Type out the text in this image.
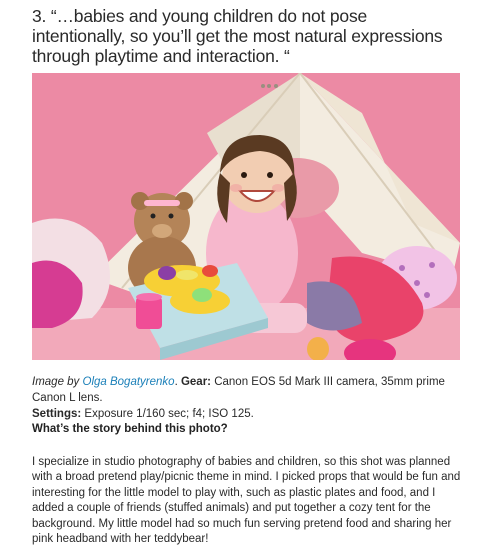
3. “…babies and young children do not pose intentionally, so you’ll get the most natural expressions through playtime and interaction. “

Image by Olga Bogatyrenko. Gear: Canon EOS 5d Mark III camera, 35mm prime Canon L lens.
Settings: Exposure 1/160 sec; f4; ISO 125.
What’s the story behind this photo?

I specialize in studio photography of babies and children, so this shot was planned with a broad pretend play/picnic theme in mind. I picked props that would be fun and interesting for the little model to play with, such as plastic plates and food, and I added a couple of friends (stuffed animals) and put together a cozy tent for the background. My little model had so much fun serving pretend food and sharing her pink headband with her teddybear!
